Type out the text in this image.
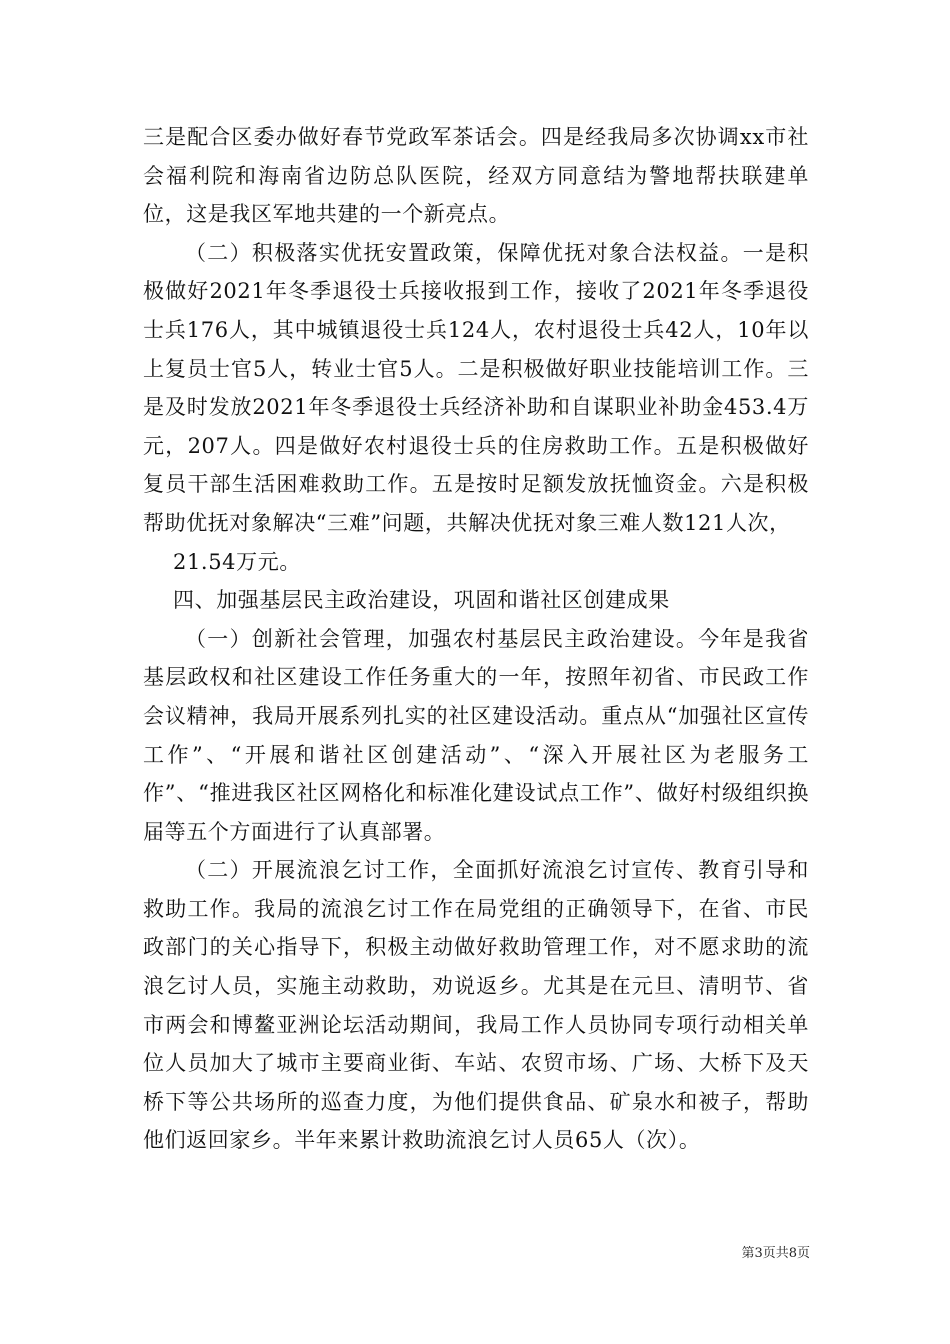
三是配合区委办做好春节党政军茶话会。四是经我局多次协调xx市社会福利院和海南省边防总队医院，经双方同意结为警地帮扶联建单位，这是我区军地共建的一个新亮点。

（二）积极落实优抚安置政策，保障优抚对象合法权益。一是积极做好2021年冬季退役士兵接收报到工作，接收了2021年冬季退役士兵176人，其中城镇退役士兵124人，农村退役士兵42人，10年以上复员士官5人，转业士官5人。二是积极做好职业技能培训工作。三是及时发放2021年冬季退役士兵经济补助和自谋职业补助金453.4万元，207人。四是做好农村退役士兵的住房救助工作。五是积极做好复员干部生活困难救助工作。五是按时足额发放抚恤资金。六是积极帮助优抚对象解决“三难”问题，共解决优抚对象三难人数121人次，

21.54万元。

四、加强基层民主政治建设，巩固和谐社区创建成果

（一）创新社会管理，加强农村基层民主政治建设。今年是我省基层政权和社区建设工作任务重大的一年，按照年初省、市民政工作会议精神，我局开展系列扎实的社区建设活动。重点从“加强社区宣传工作”、“开展和谐社区创建活动”、“深入开展社区为老服务工作”、“推进我区社区网格化和标准化建设试点工作”、做好村级组织换届等五个方面进行了认真部署。

（二）开展流浪乞讨工作，全面抓好流浪乞讨宣传、教育引导和救助工作。我局的流浪乞讨工作在局党组的正确领导下，在省、市民政部门的关心指导下，积极主动做好救助管理工作，对不愿求助的流浪乞讨人员，实施主动救助，劝说返乡。尤其是在元旦、清明节、省市两会和博鳌亚洲论坛活动期间，我局工作人员协同专项行动相关单位人员加大了城市主要商业街、车站、农贸市场、广场、大桥下及天桥下等公共场所的巡查力度，为他们提供食品、矿泉水和被子，帮助他们返回家乡。半年来累计救助流浪乞讨人员65人（次）。

第3页共8页
